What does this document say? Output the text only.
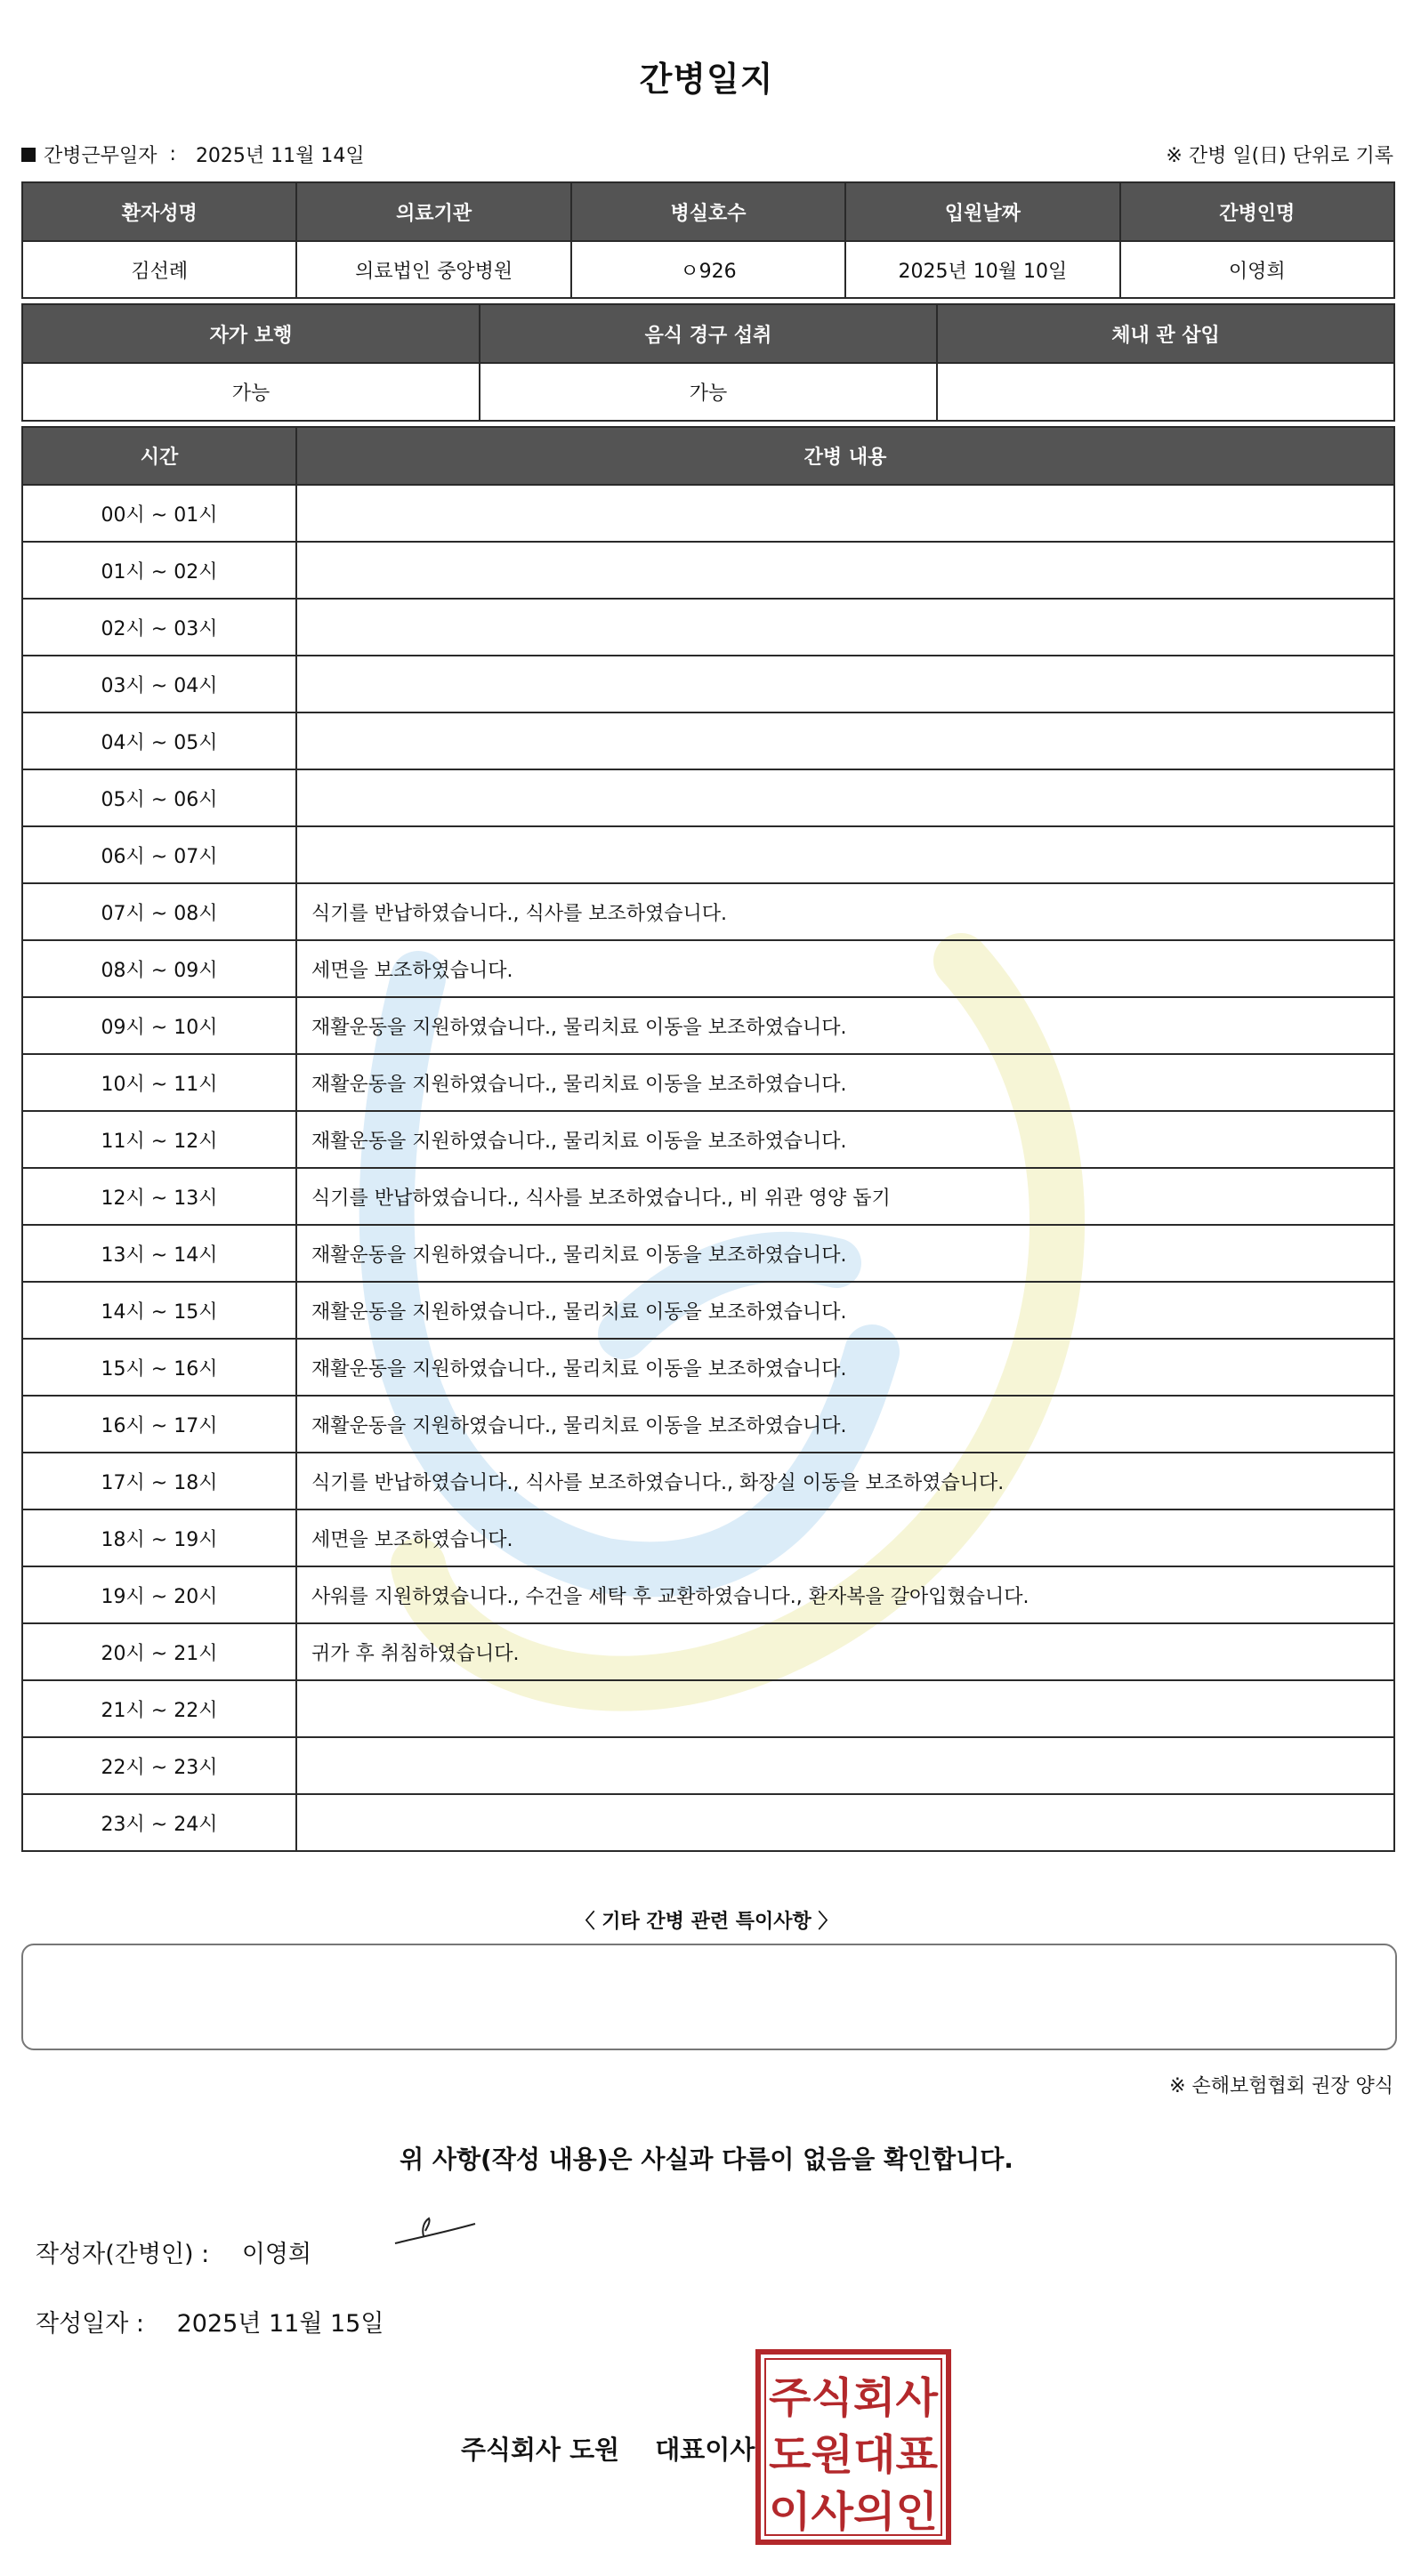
간병일지
간병근무일자 : 2025년 11월 14일	※ 간병 일(日) 단위로 기록
환자성명	의료기관	병실호수	입원날짜	간병인명
김선례	의료법인 중앙병원	ㅇ926	2025년 10월 10일	이영희
자가 보행	음식 경구 섭취	체내 관 삽입
가능	가능	
시간	간병 내용
00시 ~ 01시	
01시 ~ 02시	
02시 ~ 03시	
03시 ~ 04시	
04시 ~ 05시	
05시 ~ 06시	
06시 ~ 07시	
07시 ~ 08시	식기를 반납하였습니다., 식사를 보조하였습니다.
08시 ~ 09시	세면을 보조하였습니다.
09시 ~ 10시	재활운동을 지원하였습니다., 물리치료 이동을 보조하였습니다.
10시 ~ 11시	재활운동을 지원하였습니다., 물리치료 이동을 보조하였습니다.
11시 ~ 12시	재활운동을 지원하였습니다., 물리치료 이동을 보조하였습니다.
12시 ~ 13시	식기를 반납하였습니다., 식사를 보조하였습니다., 비 위관 영양 돕기
13시 ~ 14시	재활운동을 지원하였습니다., 물리치료 이동을 보조하였습니다.
14시 ~ 15시	재활운동을 지원하였습니다., 물리치료 이동을 보조하였습니다.
15시 ~ 16시	재활운동을 지원하였습니다., 물리치료 이동을 보조하였습니다.
16시 ~ 17시	재활운동을 지원하였습니다., 물리치료 이동을 보조하였습니다.
17시 ~ 18시	식기를 반납하였습니다., 식사를 보조하였습니다., 화장실 이동을 보조하였습니다.
18시 ~ 19시	세면을 보조하였습니다.
19시 ~ 20시	사워를 지원하였습니다., 수건을 세탁 후 교환하였습니다., 환자복을 갈아입혔습니다.
20시 ~ 21시	귀가 후 취침하였습니다.
21시 ~ 22시	
22시 ~ 23시	
23시 ~ 24시	
〈 기타 간병 관련 특이사항 〉
※ 손해보험협회 권장 양식
위 사항(작성 내용)은 사실과 다름이 없음을 확인합니다.
작성자(간병인) : 이영희
작성일자 : 2025년 11월 15일
주식회사 도원 대표이사
주식회사
도원대표
이사의인
